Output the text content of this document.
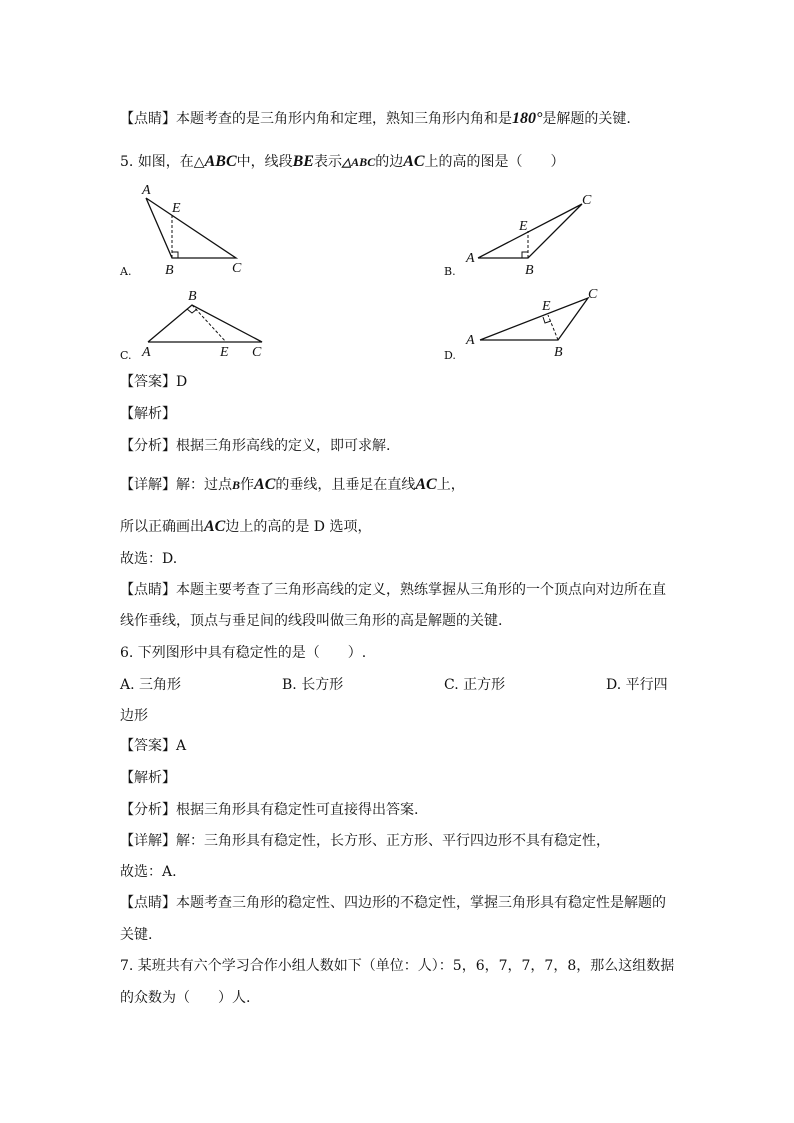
【点睛】本题考查的是三角形内角和定理，熟知三角形内角和是180°是解题的关键.
5. 如图，在△ABC中，线段BE表示△ABC的边AC上的高的图是（　　）
A
E
B	C
A
E
B
C
A
B
E C
A
E
B
C
A.	B.
C.	D.
【答案】D
【解析】
【分析】根据三角形高线的定义，即可求解.
【详解】解：过点B作AC的垂线，且垂足在直线AC上，
所以正确画出AC边上的高的是 D 选项，
故选：D.
【点睛】本题主要考查了三角形高线的定义，熟练掌握从三角形的一个顶点向对边所在直
线作垂线，顶点与垂足间的线段叫做三角形的高是解题的关键.
6. 下列图形中具有稳定性的是（　　）.
A. 三角形	B. 长方形	C. 正方形	D. 平行四
边形
【答案】A
【解析】
【分析】根据三角形具有稳定性可直接得出答案.
【详解】解：三角形具有稳定性，长方形、正方形、平行四边形不具有稳定性，
故选：A.
【点睛】本题考查三角形的稳定性、四边形的不稳定性，掌握三角形具有稳定性是解题的
关键.
7. 某班共有六个学习合作小组人数如下（单位：人）：5，6，7，7，7，8，那么这组数据
的众数为（　　）人.
